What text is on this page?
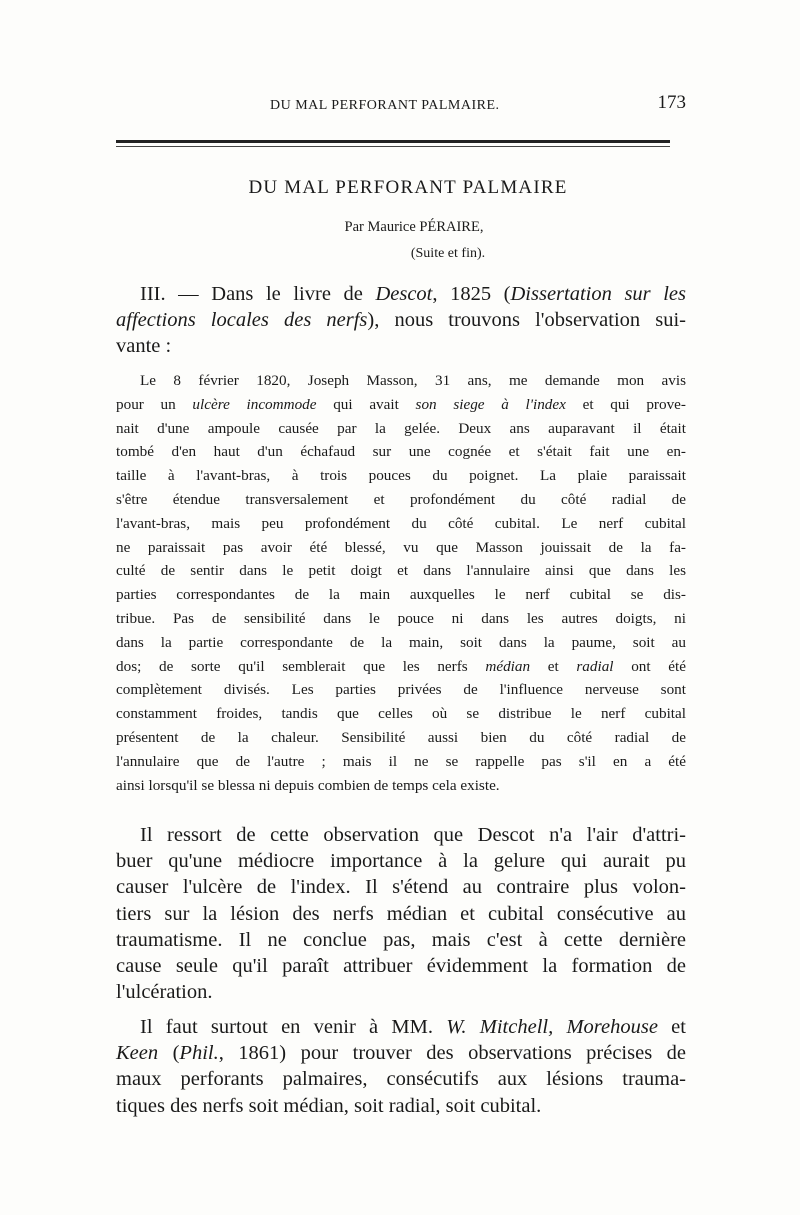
DU MAL PERFORANT PALMAIRE.	173
DU MAL PERFORANT PALMAIRE
Par Maurice PÉRAIRE,
(Suite et fin).
III. — Dans le livre de Descot, 1825 (Dissertation sur les
affections locales des nerfs), nous trouvons l'observation sui-
vante :
Le 8 février 1820, Joseph Masson, 31 ans, me demande mon avis
pour un ulcère incommode qui avait son siege à l'index et qui prove-
nait d'une ampoule causée par la gelée. Deux ans auparavant il était
tombé d'en haut d'un échafaud sur une cognée et s'était fait une en-
taille à l'avant-bras, à trois pouces du poignet. La plaie paraissait
s'être étendue transversalement et profondément du côté radial de
l'avant-bras, mais peu profondément du côté cubital. Le nerf cubital
ne paraissait pas avoir été blessé, vu que Masson jouissait de la fa-
culté de sentir dans le petit doigt et dans l'annulaire ainsi que dans les
parties correspondantes de la main auxquelles le nerf cubital se dis-
tribue. Pas de sensibilité dans le pouce ni dans les autres doigts, ni
dans la partie correspondante de la main, soit dans la paume, soit au
dos; de sorte qu'il semblerait que les nerfs médian et radial ont été
complètement divisés. Les parties privées de l'influence nerveuse sont
constamment froides, tandis que celles où se distribue le nerf cubital
présentent de la chaleur. Sensibilité aussi bien du côté radial de
l'annulaire que de l'autre ; mais il ne se rappelle pas s'il en a été
ainsi lorsqu'il se blessa ni depuis combien de temps cela existe.
Il ressort de cette observation que Descot n'a l'air d'attri-
buer qu'une médiocre importance à la gelure qui aurait pu
causer l'ulcère de l'index. Il s'étend au contraire plus volon-
tiers sur la lésion des nerfs médian et cubital consécutive au
traumatisme. Il ne conclue pas, mais c'est à cette dernière
cause seule qu'il paraît attribuer évidemment la formation de
l'ulcération.
Il faut surtout en venir à MM. W. Mitchell, Morehouse et
Keen (Phil., 1861) pour trouver des observations précises de
maux perforants palmaires, consécutifs aux lésions trauma-
tiques des nerfs soit médian, soit radial, soit cubital.
